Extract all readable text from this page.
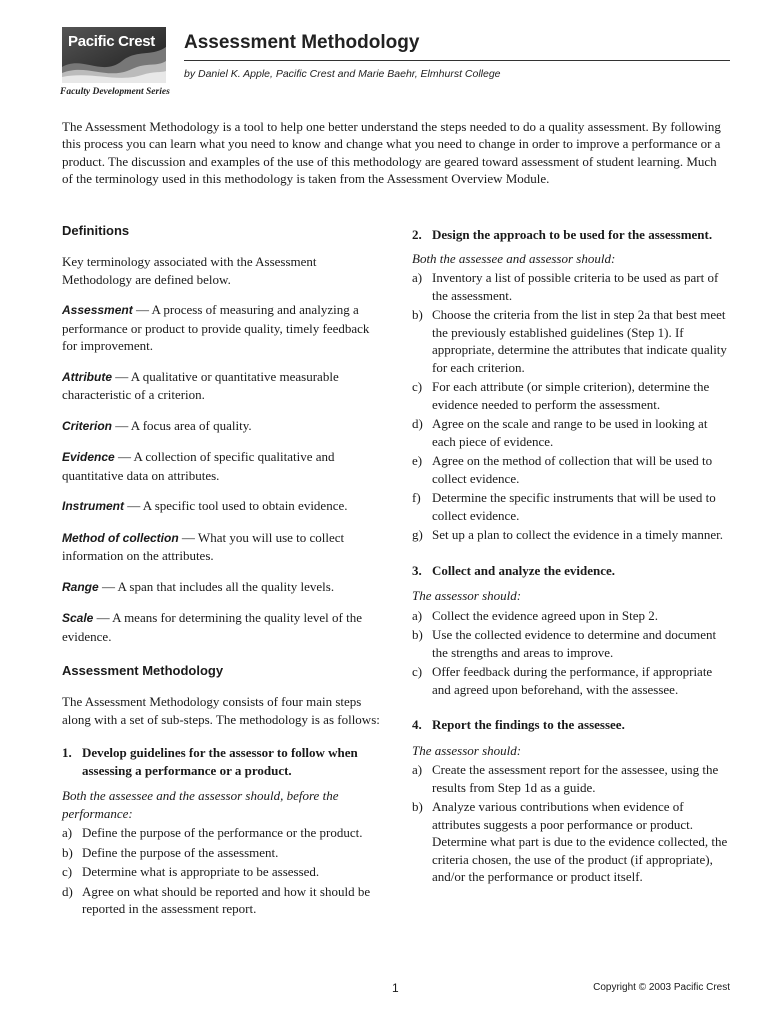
Pacific Crest
Faculty Development Series
Assessment Methodology
by Daniel K. Apple, Pacific Crest and Marie Baehr, Elmhurst College

The Assessment Methodology is a tool to help one better understand the steps needed to do a quality assessment. By following this process you can learn what you need to know and change what you need to change in order to improve a performance or a product. The discussion and examples of the use of this methodology are geared toward assessment of student learning. Much of the terminology used in this methodology is taken from the Assessment Overview Module.

Definitions

Key terminology associated with the Assessment Methodology are defined below.

Assessment — A process of measuring and analyzing a performance or product to provide quality, timely feedback for improvement.

Attribute — A qualitative or quantitative measurable characteristic of a criterion.

Criterion — A focus area of quality.

Evidence — A collection of specific qualitative and quantitative data on attributes.

Instrument — A specific tool used to obtain evidence.

Method of collection — What you will use to collect information on the attributes.

Range — A span that includes all the quality levels.

Scale — A means for determining the quality level of the evidence.

Assessment Methodology

The Assessment Methodology consists of four main steps along with a set of sub-steps. The methodology is as follows:

1. Develop guidelines for the assessor to follow when assessing a performance or a product.

Both the assessee and the assessor should, before the performance:

a) Define the purpose of the performance or the product.
b) Define the purpose of the assessment.
c) Determine what is appropriate to be assessed.
d) Agree on what should be reported and how it should be reported in the assessment report.
2. Design the approach to be used for the assessment.

Both the assessee and assessor should:

a) Inventory a list of possible criteria to be used as part of the assessment.
b) Choose the criteria from the list in step 2a that best meet the previously established guidelines (Step 1). If appropriate, determine the attributes that indicate quality for each criterion.
c) For each attribute (or simple criterion), determine the evidence needed to perform the assessment.
d) Agree on the scale and range to be used in looking at each piece of evidence.
e) Agree on the method of collection that will be used to collect evidence.
f) Determine the specific instruments that will be used to collect evidence.
g) Set up a plan to collect the evidence in a timely manner.
3. Collect and analyze the evidence.

The assessor should:

a) Collect the evidence agreed upon in Step 2.
b) Use the collected evidence to determine and document the strengths and areas to improve.
c) Offer feedback during the performance, if appropriate and agreed upon beforehand, with the assessee.
4. Report the findings to the assessee.

The assessor should:

a) Create the assessment report for the assessee, using the results from Step 1d as a guide.
b) Analyze various contributions when evidence of attributes suggests a poor performance or product. Determine what part is due to the evidence collected, the criteria chosen, the use of the product (if appropriate), and/or the performance or product itself.
1	Copyright © 2003 Pacific Crest
